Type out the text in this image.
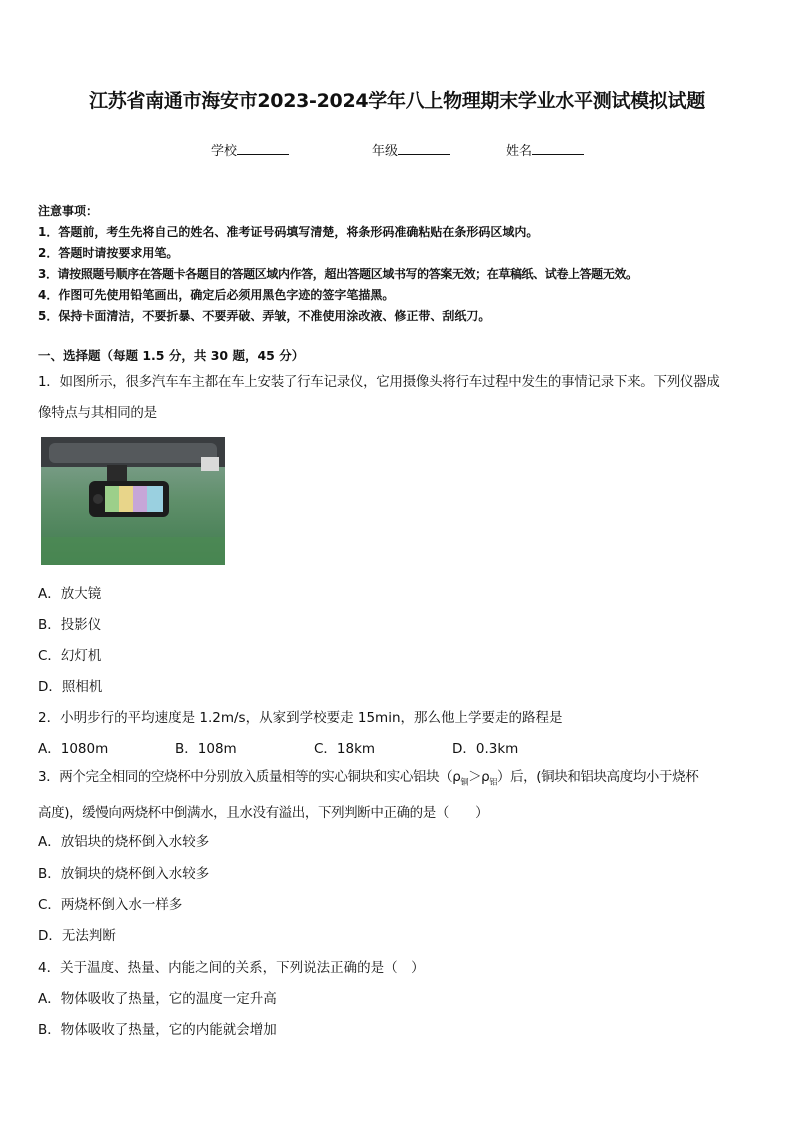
江苏省南通市海安市2023-2024学年八上物理期末学业水平测试模拟试题
学校	年级	姓名
注意事项：
1．答题前，考生先将自己的姓名、准考证号码填写清楚，将条形码准确粘贴在条形码区域内。
2．答题时请按要求用笔。
3．请按照题号顺序在答题卡各题目的答题区域内作答，超出答题区域书写的答案无效；在草稿纸、试卷上答题无效。
4．作图可先使用铅笔画出，确定后必须用黑色字迹的签字笔描黑。
5．保持卡面清洁，不要折暴、不要弄破、弄皱，不准使用涂改液、修正带、刮纸刀。
一、选择题（每题 1.5 分，共 30 题，45 分）
1．如图所示，很多汽车车主都在车上安装了行车记录仪，它用摄像头将行车过程中发生的事情记录下来。下列仪器成
像特点与其相同的是
A．放大镜
B．投影仪
C．幻灯机
D．照相机
2．小明步行的平均速度是 1.2m/s，从家到学校要走 15min，那么他上学要走的路程是
A．1080m	B．108m	C．18km	D．0.3km
3．两个完全相同的空烧杯中分别放入质量相等的实心铜块和实心铝块$(\rho_铜>\rho_铝)$后，(铜块和铝块高度均小于烧杯
高度)，缓慢向两烧杯中倒满水，且水没有溢出，下列判断中正确的是（　　）
A．放铝块的烧杯倒入水较多
B．放铜块的烧杯倒入水较多
C．两烧杯倒入水一样多
D．无法判断
4．关于温度、热量、内能之间的关系，下列说法正确的是（　）
A．物体吸收了热量，它的温度一定升高
B．物体吸收了热量，它的内能就会增加
